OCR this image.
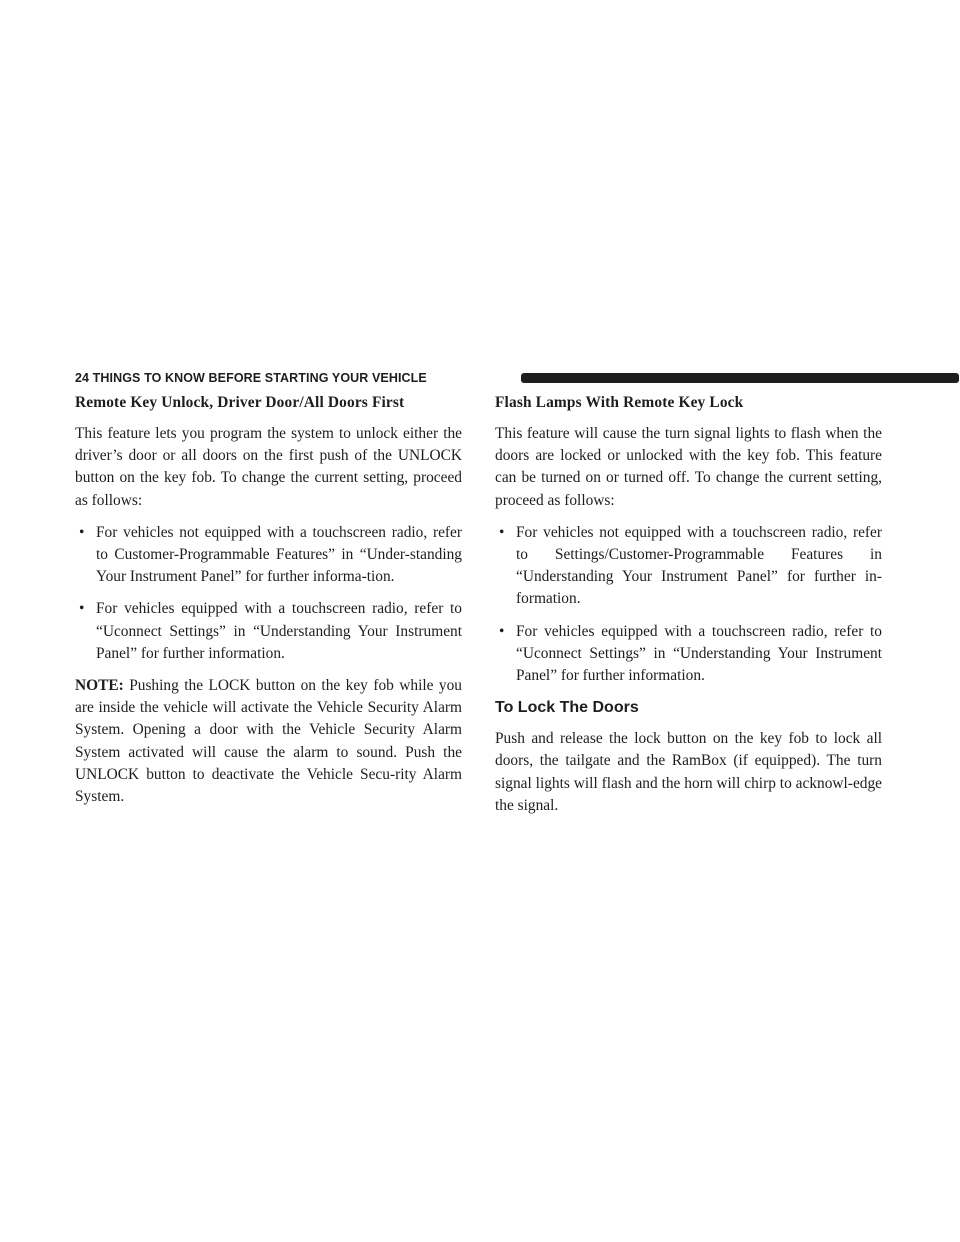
24 THINGS TO KNOW BEFORE STARTING YOUR VEHICLE
Remote Key Unlock, Driver Door/All Doors First

This feature lets you program the system to unlock either the driver’s door or all doors on the first push of the UNLOCK button on the key fob. To change the current setting, proceed as follows:

• For vehicles not equipped with a touchscreen radio, refer to Customer-Programmable Features” in “Under-standing Your Instrument Panel” for further informa-tion.
• For vehicles equipped with a touchscreen radio, refer to “Uconnect Settings” in “Understanding Your Instrument Panel” for further information.

NOTE: Pushing the LOCK button on the key fob while you are inside the vehicle will activate the Vehicle Security Alarm System. Opening a door with the Vehicle Security Alarm System activated will cause the alarm to sound. Push the UNLOCK button to deactivate the Vehicle Secu-rity Alarm System.

Flash Lamps With Remote Key Lock

This feature will cause the turn signal lights to flash when the doors are locked or unlocked with the key fob. This feature can be turned on or turned off. To change the current setting, proceed as follows:

• For vehicles not equipped with a touchscreen radio, refer to Settings/Customer-Programmable Features in “Understanding Your Instrument Panel” for further in-formation.
• For vehicles equipped with a touchscreen radio, refer to “Uconnect Settings” in “Understanding Your Instrument Panel” for further information.
To Lock The Doors

Push and release the lock button on the key fob to lock all doors, the tailgate and the RamBox (if equipped). The turn signal lights will flash and the horn will chirp to acknowl-edge the signal.
